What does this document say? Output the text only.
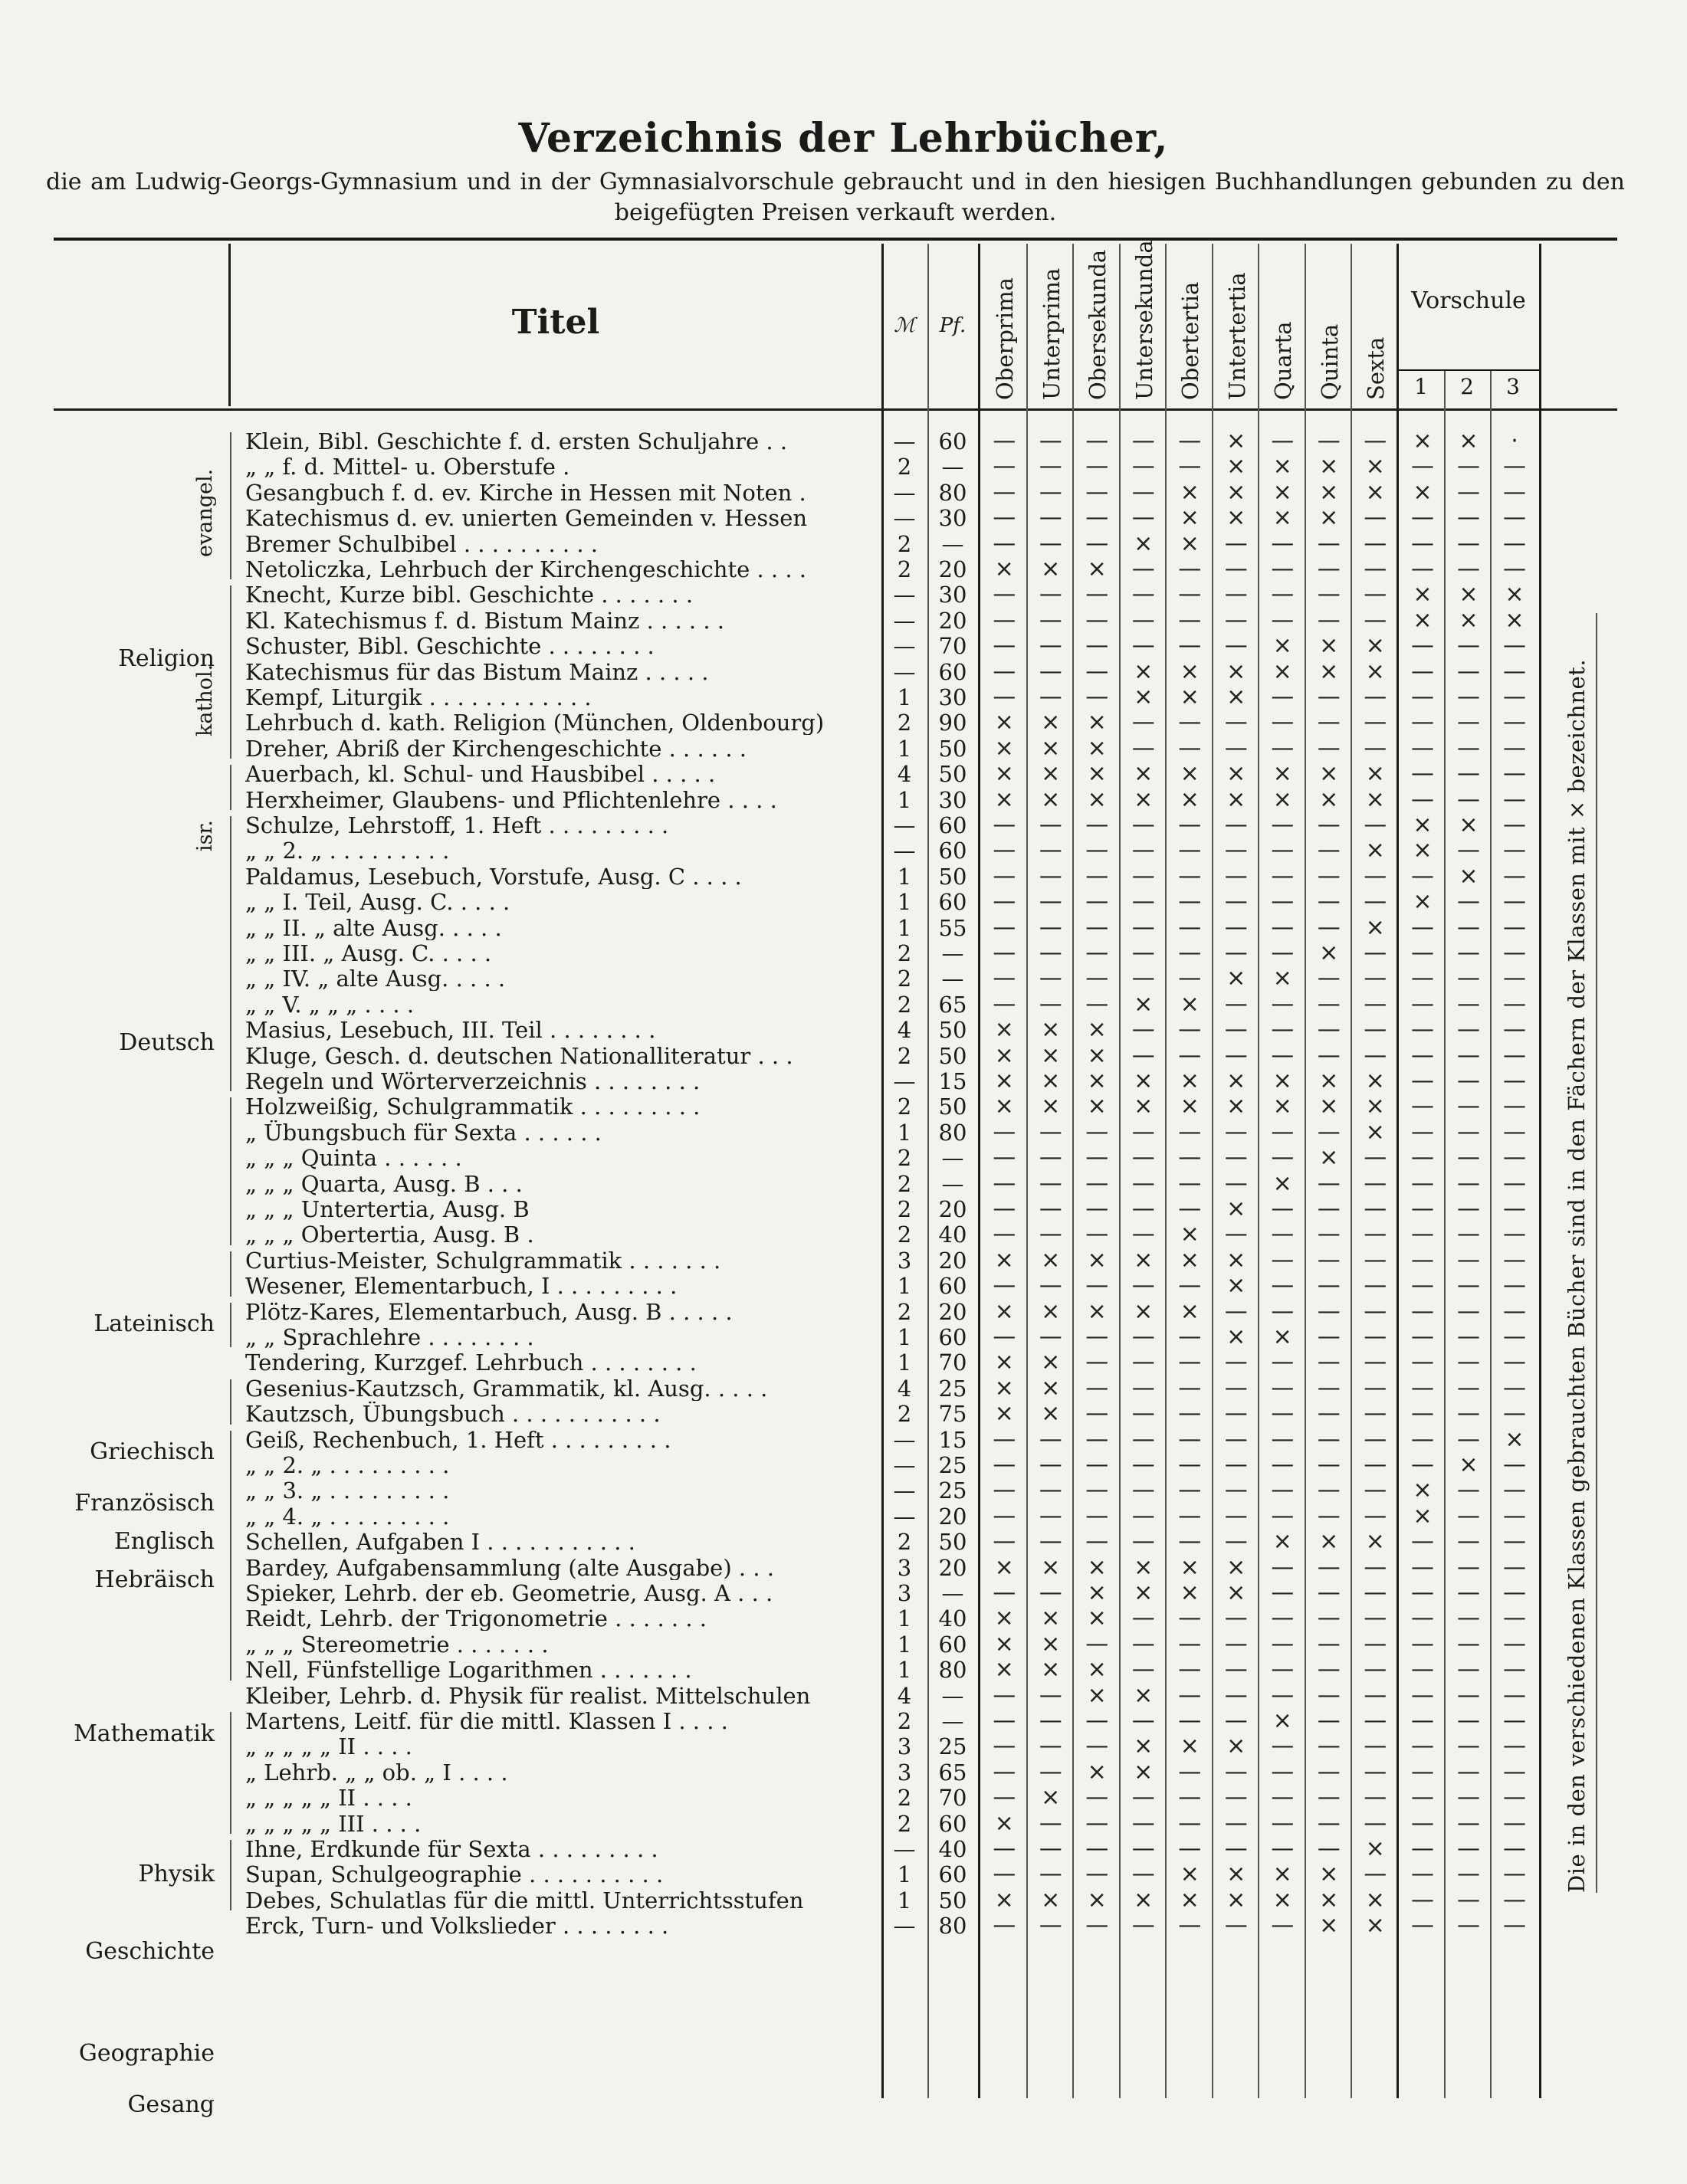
Verzeichnis der Lehrbücher,
die am Ludwig-Georgs-Gymnasium und in der Gymnasialvorschule gebraucht und in den hiesigen Buchhandlungen gebunden zu den beigefügten Preisen verkauft werden.
Titel	ℳ	Pf.
Vorschule
Oberprima Unterprima Obersekunda Untersekunda Obertertia Untertertia Quarta Quinta Sexta	1	2	3
Klein, Bibl. Geschichte f. d. ersten Schuljahre . .	—	60	—	—	—	—	—	×	—	—	—	×	×	·
„ „ f. d. Mittel- u. Oberstufe .	2	—	—	—	—	—	—	×	×	×	×	—	—	—
Gesangbuch f. d. ev. Kirche in Hessen mit Noten .	—	80	—	—	—	—	×	×	×	×	×	×	—	—
Katechismus d. ev. unierten Gemeinden v. Hessen	—	30	—	—	—	—	×	×	×	×	—	—	—	—
Bremer Schulbibel . . . . . . . . . .	2	—	—	—	—	×	×	—	—	—	—	—	—	—
Netoliczka, Lehrbuch der Kirchengeschichte . . . .	2	20	×	×	×	—	—	—	—	—	—	—	—	—
Knecht, Kurze bibl. Geschichte . . . . . . .	—	30	—	—	—	—	—	—	—	—	—	×	×	×
Kl. Katechismus f. d. Bistum Mainz . . . . . .	—	20	—	—	—	—	—	—	—	—	—	×	×	×
Schuster, Bibl. Geschichte . . . . . . . .	—	70	—	—	—	—	—	—	×	×	×	—	—	—
Katechismus für das Bistum Mainz . . . . .	—	60	—	—	—	×	×	×	×	×	×	—	—	—
Kempf, Liturgik . . . . . . . . . . . .	1	30	—	—	—	×	×	×	—	—	—	—	—	—
Lehrbuch d. kath. Religion (München, Oldenbourg)	2	90	×	×	×	—	—	—	—	—	—	—	—	—
Dreher, Abriß der Kirchengeschichte . . . . . .	1	50	×	×	×	—	—	—	—	—	—	—	—	—
Auerbach, kl. Schul- und Hausbibel . . . . .	4	50	×	×	×	×	×	×	×	×	×	—	—	—
Herxheimer, Glaubens- und Pflichtenlehre . . . .	1	30	×	×	×	×	×	×	×	×	×	—	—	—
Schulze, Lehrstoff, 1. Heft . . . . . . . . .	—	60	—	—	—	—	—	—	—	—	—	×	×	—
„ „ 2. „ . . . . . . . . .	—	60	—	—	—	—	—	—	—	—	×	×	—	—
Paldamus, Lesebuch, Vorstufe, Ausg. C . . . .	1	50	—	—	—	—	—	—	—	—	—	—	×	—
„ „ I. Teil, Ausg. C. . . . .	1	60	—	—	—	—	—	—	—	—	—	×	—	—
„ „ II. „ alte Ausg. . . . .	1	55	—	—	—	—	—	—	—	—	×	—	—	—
„ „ III. „ Ausg. C. . . . .	2	—	—	—	—	—	—	—	—	×	—	—	—	—
„ „ IV. „ alte Ausg. . . . .	2	—	—	—	—	—	—	×	×	—	—	—	—	—
„ „ V. „ „ „ . . . .	2	65	—	—	—	×	×	—	—	—	—	—	—	—
Masius, Lesebuch, III. Teil . . . . . . . .	4	50	×	×	×	—	—	—	—	—	—	—	—	—
Kluge, Gesch. d. deutschen Nationalliteratur . . .	2	50	×	×	×	—	—	—	—	—	—	—	—	—
Regeln und Wörterverzeichnis . . . . . . . .	—	15	×	×	×	×	×	×	×	×	×	—	—	—
Holzweißig, Schulgrammatik . . . . . . . . .	2	50	×	×	×	×	×	×	×	×	×	—	—	—
„ Übungsbuch für Sexta . . . . . .	1	80	—	—	—	—	—	—	—	—	×	—	—	—
„ „ „ Quinta . . . . . .	2	—	—	—	—	—	—	—	—	×	—	—	—	—
„ „ „ Quarta, Ausg. B . . .	2	—	—	—	—	—	—	—	×	—	—	—	—	—
„ „ „ Untertertia, Ausg. B	2	20	—	—	—	—	—	×	—	—	—	—	—	—
„ „ „ Obertertia, Ausg. B .	2	40	—	—	—	—	×	—	—	—	—	—	—	—
Curtius-Meister, Schulgrammatik . . . . . . .	3	20	×	×	×	×	×	×	—	—	—	—	—	—
Wesener, Elementarbuch, I . . . . . . . . .	1	60	—	—	—	—	—	×	—	—	—	—	—	—
Plötz-Kares, Elementarbuch, Ausg. B . . . . .	2	20	×	×	×	×	×	—	—	—	—	—	—	—
„ „ Sprachlehre . . . . . . . .	1	60	—	—	—	—	—	×	×	—	—	—	—	—
Tendering, Kurzgef. Lehrbuch . . . . . . . .	1	70	×	×	—	—	—	—	—	—	—	—	—	—
Gesenius-Kautzsch, Grammatik, kl. Ausg. . . . .	4	25	×	×	—	—	—	—	—	—	—	—	—	—
Kautzsch, Übungsbuch . . . . . . . . . . .	2	75	×	×	—	—	—	—	—	—	—	—	—	—
Geiß, Rechenbuch, 1. Heft . . . . . . . . .	—	15	—	—	—	—	—	—	—	—	—	—	—	×
„ „ 2. „ . . . . . . . . .	—	25	—	—	—	—	—	—	—	—	—	—	×	—
„ „ 3. „ . . . . . . . . .	—	25	—	—	—	—	—	—	—	—	—	×	—	—
„ „ 4. „ . . . . . . . . .	—	20	—	—	—	—	—	—	—	—	—	×	—	—
Schellen, Aufgaben I . . . . . . . . . . .	2	50	—	—	—	—	—	—	×	×	×	—	—	—
Bardey, Aufgabensammlung (alte Ausgabe) . . .	3	20	×	×	×	×	×	×	—	—	—	—	—	—
Spieker, Lehrb. der eb. Geometrie, Ausg. A . . .	3	—	—	—	×	×	×	×	—	—	—	—	—	—
Reidt, Lehrb. der Trigonometrie . . . . . . .	1	40	×	×	×	—	—	—	—	—	—	—	—	—
„ „ „ Stereometrie . . . . . . .	1	60	×	×	—	—	—	—	—	—	—	—	—	—
Nell, Fünfstellige Logarithmen . . . . . . .	1	80	×	×	×	—	—	—	—	—	—	—	—	—
Kleiber, Lehrb. d. Physik für realist. Mittelschulen	4	—	—	—	×	×	—	—	—	—	—	—	—	—
Martens, Leitf. für die mittl. Klassen I . . . .	2	—	—	—	—	—	—	—	×	—	—	—	—	—
„ „ „ „ „ II . . . .	3	25	—	—	—	×	×	×	—	—	—	—	—	—
„ Lehrb. „ „ ob. „ I . . . .	3	65	—	—	×	×	—	—	—	—	—	—	—	—
„ „ „ „ „ II . . . .	2	70	—	×	—	—	—	—	—	—	—	—	—	—
„ „ „ „ „ III . . . .	2	60	×	—	—	—	—	—	—	—	—	—	—	—
Ihne, Erdkunde für Sexta . . . . . . . . .	—	40	—	—	—	—	—	—	—	—	×	—	—	—
Supan, Schulgeographie . . . . . . . . . .	1	60	—	—	—	—	×	×	×	×	—	—	—	—
Debes, Schulatlas für die mittl. Unterrichtsstufen	1	50	×	×	×	×	×	×	×	×	×	—	—	—
Erck, Turn- und Volkslieder . . . . . . . .	—	80	—	—	—	—	—	—	—	×	×	—	—	—
Religion
Deutsch
Lateinisch
Griechisch
Französisch
Englisch
Hebräisch
Mathematik
Physik
Geschichte
Geographie
Gesang
evangel.
kathol.
isr.	Die in den verschiedenen Klassen gebrauchten Bücher sind in den Fächern der Klassen mit × bezeichnet.
